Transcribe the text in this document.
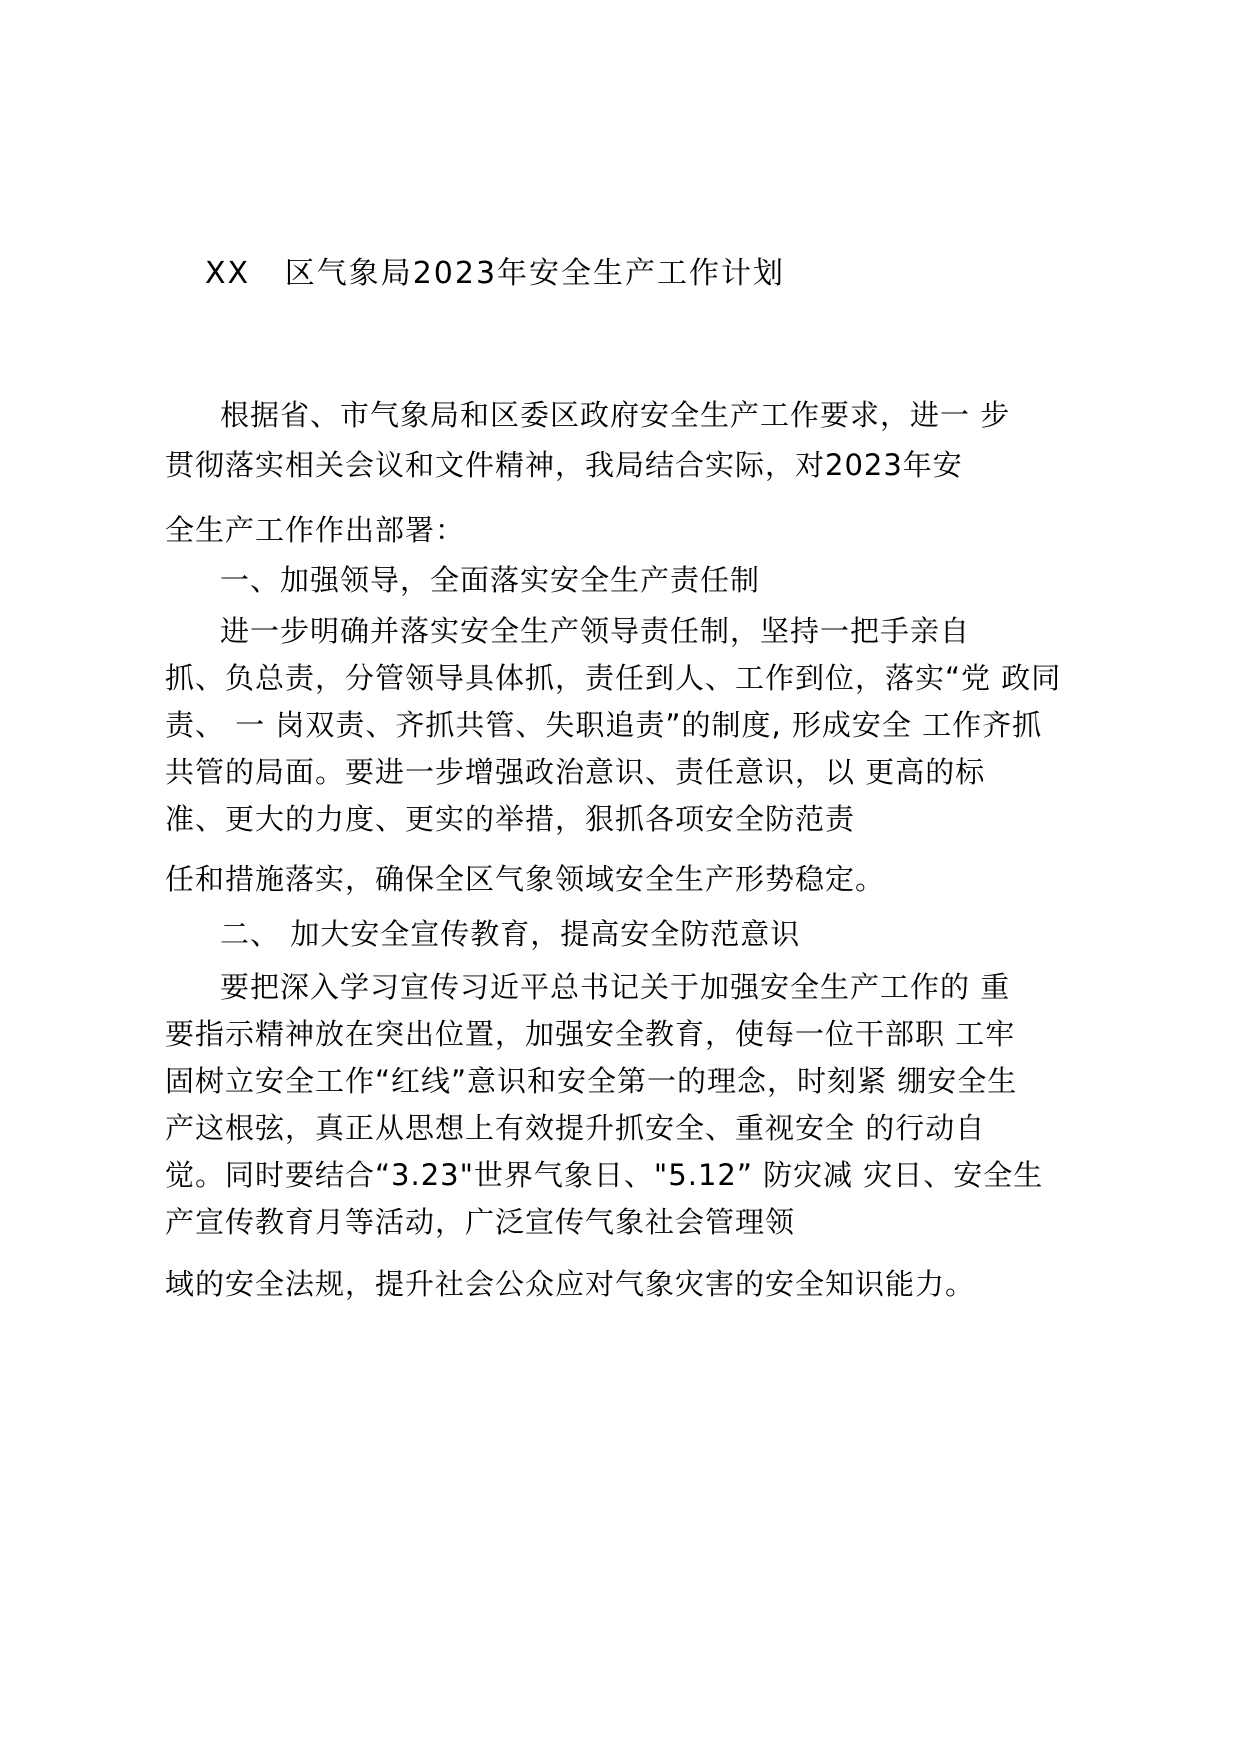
XX   区气象局2023年安全生产工作计划

根据省、市气象局和区委区政府安全生产工作要求，进一 步

贯彻落实相关会议和文件精神，我局结合实际，对2023年安

全生产工作作出部署：

一、加强领导，全面落实安全生产责任制

进一步明确并落实安全生产领导责任制，坚持一把手亲自

抓、负总责，分管领导具体抓，责任到人、工作到位，落实“党 政同

责、 一 岗双责、齐抓共管、失职追责”的制度, 形成安全 工作齐抓

共管的局面。要进一步增强政治意识、责任意识，以 更高的标

准、更大的力度、更实的举措，狠抓各项安全防范责

任和措施落实，确保全区气象领域安全生产形势稳定。

二、 加大安全宣传教育，提高安全防范意识

要把深入学习宣传习近平总书记关于加强安全生产工作的 重

要指示精神放在突出位置，加强安全教育，使每一位干部职 工牢

固树立安全工作“红线”意识和安全第一的理念，时刻紧 绷安全生

产这根弦，真正从思想上有效提升抓安全、重视安全 的行动自

觉。同时要结合“3.23"世界气象日、"5.12” 防灾减 灾日、安全生

产宣传教育月等活动，广泛宣传气象社会管理领

域的安全法规，提升社会公众应对气象灾害的安全知识能力。
